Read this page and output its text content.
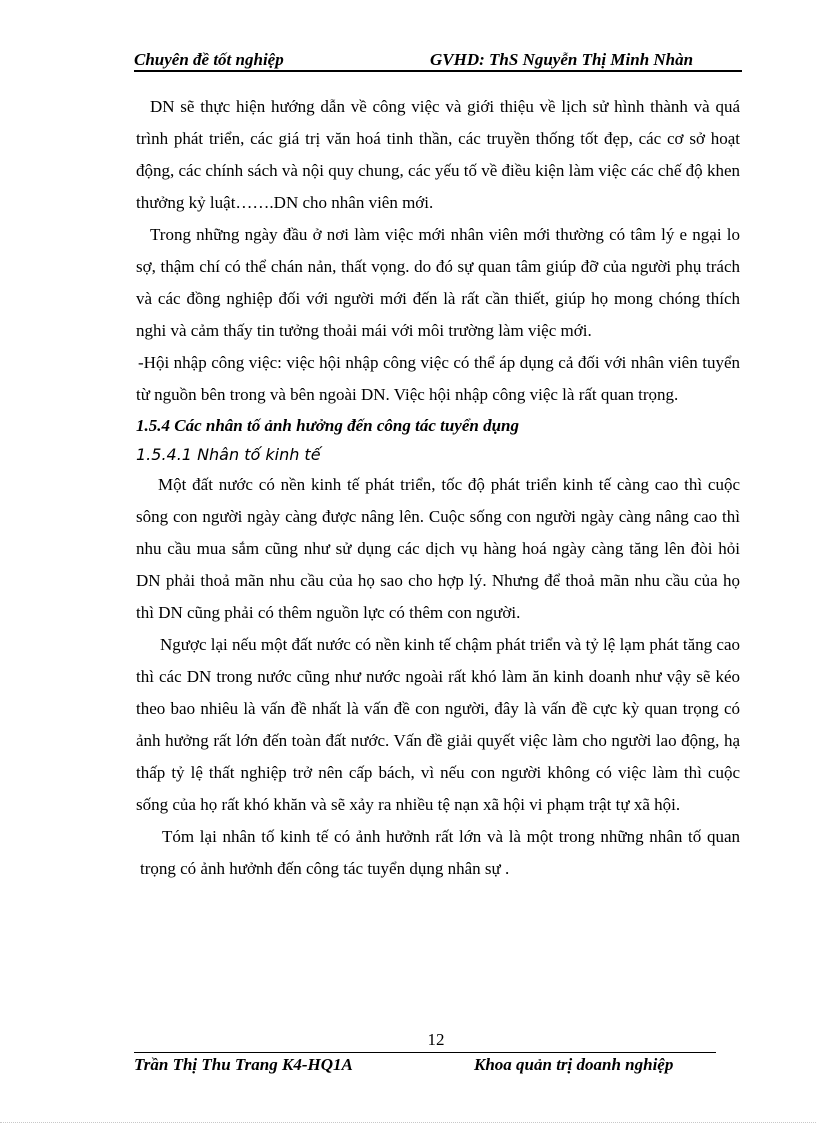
Chuyên đề tốt nghiệp	GVHD: ThS Nguyễn Thị Minh Nhàn

DN sẽ thực hiện hướng dẫn về công việc và giới thiệu về lịch sử hình thành và quá trình phát triển, các giá trị văn hoá tinh thần, các truyền thống tốt đẹp, các cơ sở hoạt động, các chính sách và nội quy chung, các yếu tố về điều kiện làm việc các chế độ khen thưởng kỷ luật…….DN cho nhân viên mới.

Trong những ngày đầu ở nơi làm việc mới nhân viên mới thường có tâm lý e ngại lo sợ, thậm chí có thể chán nản, thất vọng. do đó sự quan tâm giúp đỡ của người phụ trách và các đồng nghiệp đối với người mới đến là rất cần thiết, giúp họ mong chóng thích nghi và cảm thấy tin tưởng thoải mái với môi trường làm việc mới.

-Hội nhập công việc: việc hội nhập công việc có thể áp dụng cả đối với nhân viên tuyển từ nguồn bên trong và bên ngoài DN. Việc hội nhập công việc là rất quan trọng.

1.5.4 Các nhân tố ảnh hưởng đến công tác tuyển dụng
1.5.4.1 Nhân tố kinh tế

Một đất nước có nền kinh tế phát triển, tốc độ phát triển kinh tế càng cao thì cuộc sông con người ngày càng được nâng lên. Cuộc sống con người ngày càng nâng cao thì nhu cầu mua sắm cũng như sử dụng các dịch vụ hàng hoá ngày càng tăng lên đòi hỏi DN phải thoả mãn nhu cầu của họ sao cho hợp lý. Nhưng để thoả mãn nhu cầu của họ thì DN cũng phải có thêm nguồn lực có thêm con người.

Ngược lại nếu một đất nước có nền kinh tế chậm phát triển và tỷ lệ lạm phát tăng cao thì các DN trong nước cũng như nước ngoài rất khó làm ăn kinh doanh như vậy sẽ kéo theo bao nhiêu là vấn đề nhất là vấn đề con người, đây là vấn đề cực kỳ quan trọng có ảnh hưởng rất lớn đến toàn đất nước. Vấn đề giải quyết việc làm cho người lao động, hạ thấp tỷ lệ thất nghiệp trở nên cấp bách, vì nếu con người không có việc làm thì cuộc sống của họ rất khó khăn và sẽ xảy ra nhiều tệ nạn xã hội vi phạm trật tự xã hội.

Tóm lại nhân tố kinh tế có ảnh hưởnh rất lớn và là một trong những nhân tố quan trọng có ảnh hưởnh đến công tác tuyển dụng nhân sự .

12
Trần Thị Thu Trang K4-HQ1A	Khoa quản trị doanh nghiệp
